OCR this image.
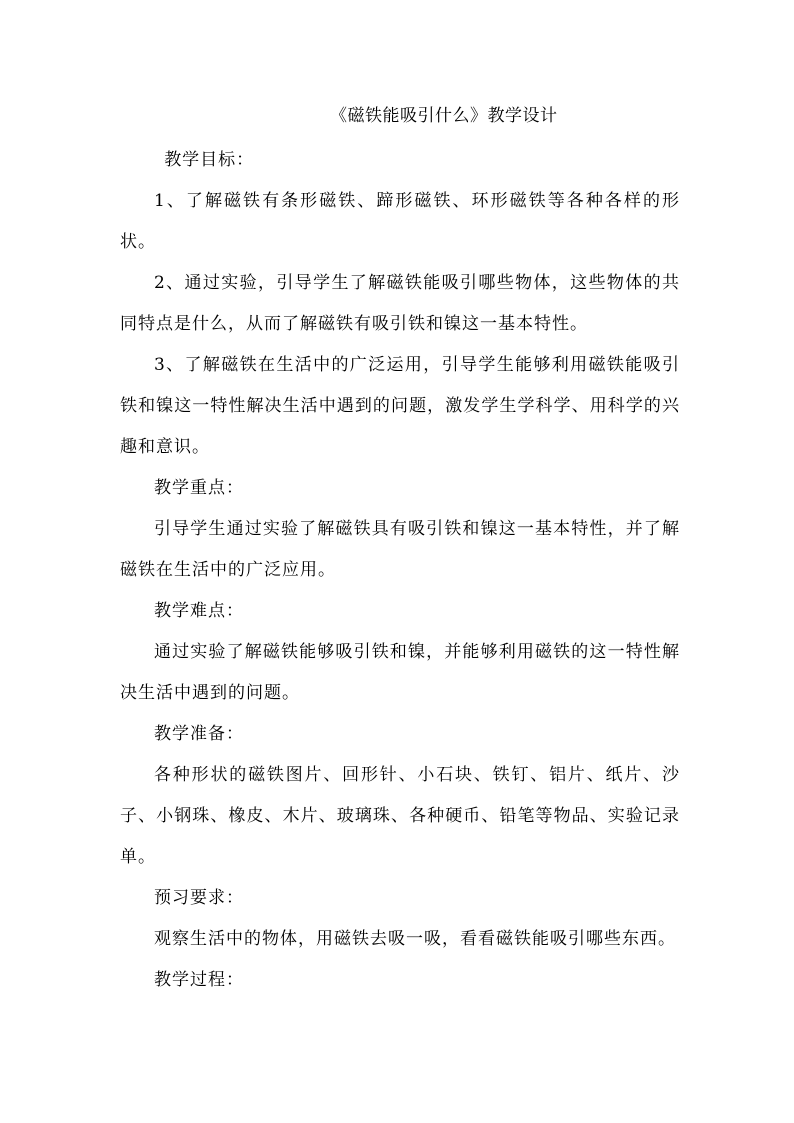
《磁铁能吸引什么》教学设计

教学目标：

1、了解磁铁有条形磁铁、蹄形磁铁、环形磁铁等各种各样的形状。

2、通过实验，引导学生了解磁铁能吸引哪些物体，这些物体的共同特点是什么，从而了解磁铁有吸引铁和镍这一基本特性。

3、了解磁铁在生活中的广泛运用，引导学生能够利用磁铁能吸引铁和镍这一特性解决生活中遇到的问题，激发学生学科学、用科学的兴趣和意识。

教学重点：

引导学生通过实验了解磁铁具有吸引铁和镍这一基本特性，并了解磁铁在生活中的广泛应用。

教学难点：

通过实验了解磁铁能够吸引铁和镍，并能够利用磁铁的这一特性解决生活中遇到的问题。

教学准备：

各种形状的磁铁图片、回形针、小石块、铁钉、铝片、纸片、沙子、小钢珠、橡皮、木片、玻璃珠、各种硬币、铅笔等物品、实验记录单。

预习要求：

观察生活中的物体，用磁铁去吸一吸，看看磁铁能吸引哪些东西。

教学过程：
